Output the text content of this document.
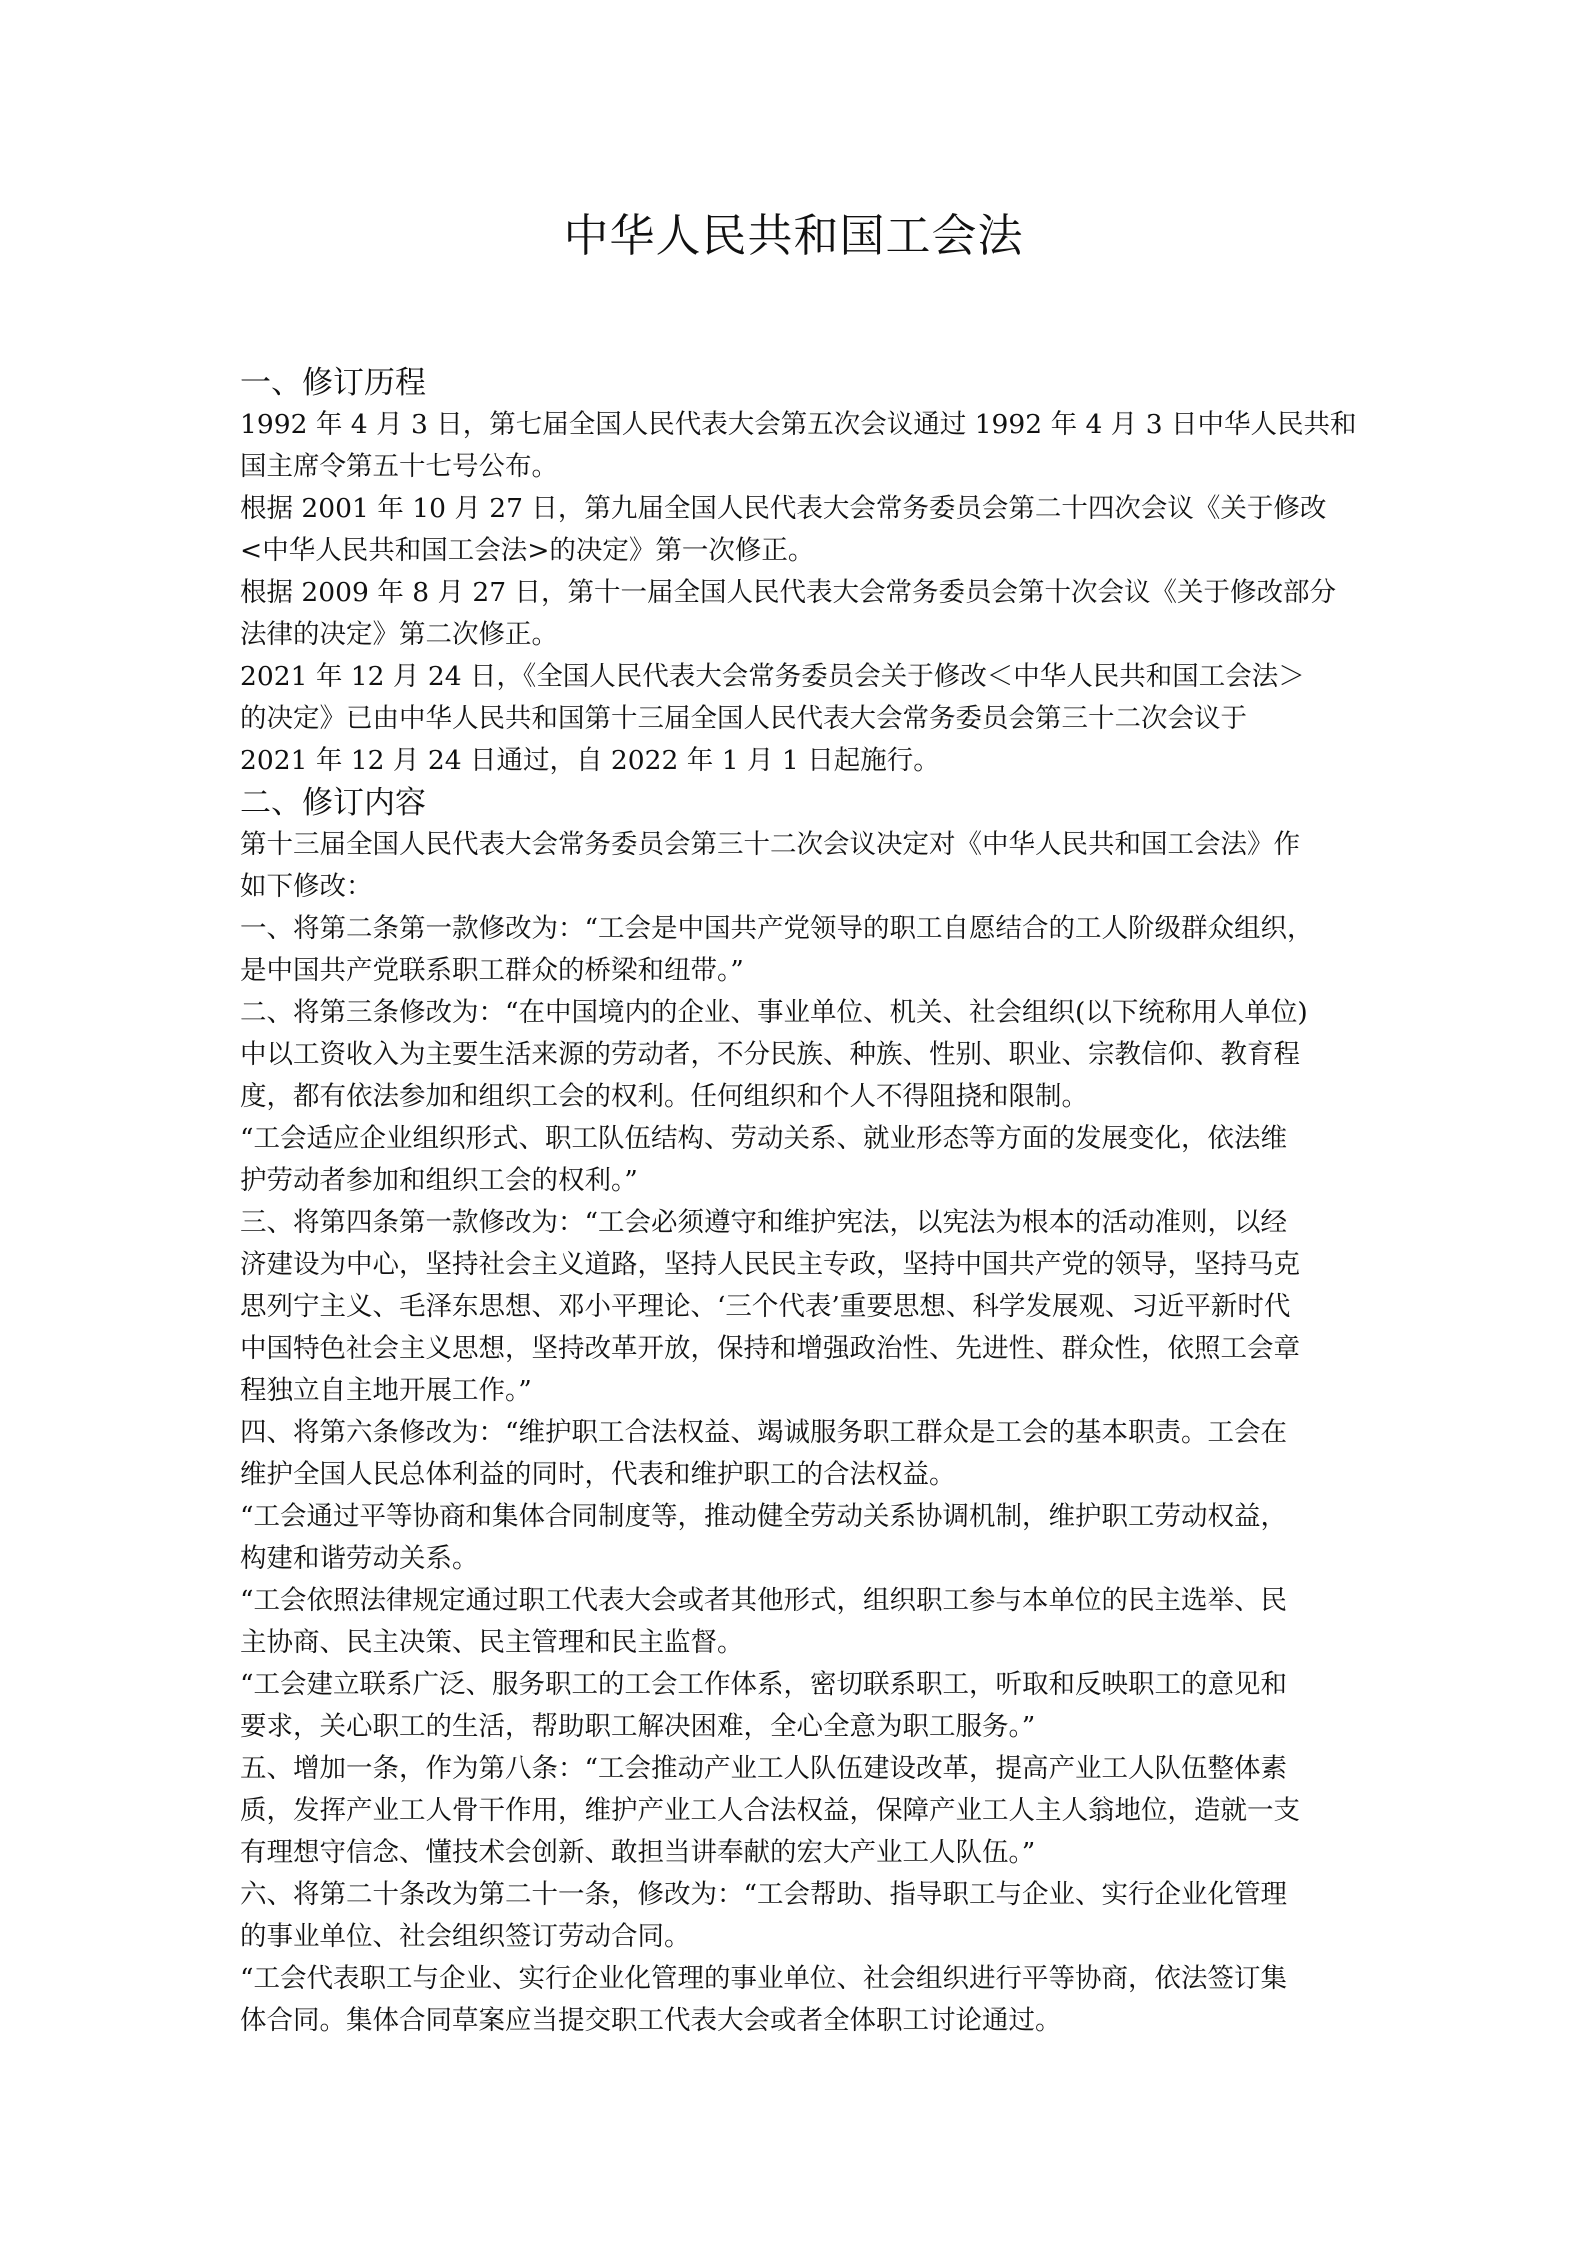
中华人民共和国工会法
一、修订历程

1992 年 4 月 3 日，第七届全国人民代表大会第五次会议通过 1992 年 4 月 3 日中华人民共和
国主席令第五十七号公布。

根据 2001 年 10 月 27 日，第九届全国人民代表大会常务委员会第二十四次会议《关于修改
<中华人民共和国工会法>的决定》第一次修正。

根据 2009 年 8 月 27 日，第十一届全国人民代表大会常务委员会第十次会议《关于修改部分
法律的决定》第二次修正。

2021 年 12 月 24 日，《全国人民代表大会常务委员会关于修改＜中华人民共和国工会法＞
的决定》已由中华人民共和国第十三届全国人民代表大会常务委员会第三十二次会议于
2021 年 12 月 24 日通过，自 2022 年 1 月 1 日起施行。

二、修订内容

第十三届全国人民代表大会常务委员会第三十二次会议决定对《中华人民共和国工会法》作
如下修改：

一、将第二条第一款修改为：“工会是中国共产党领导的职工自愿结合的工人阶级群众组织，
是中国共产党联系职工群众的桥梁和纽带。”

二、将第三条修改为：“在中国境内的企业、事业单位、机关、社会组织(以下统称用人单位)
中以工资收入为主要生活来源的劳动者，不分民族、种族、性别、职业、宗教信仰、教育程
度，都有依法参加和组织工会的权利。任何组织和个人不得阻挠和限制。

“工会适应企业组织形式、职工队伍结构、劳动关系、就业形态等方面的发展变化，依法维
护劳动者参加和组织工会的权利。”

三、将第四条第一款修改为：“工会必须遵守和维护宪法，以宪法为根本的活动准则，以经
济建设为中心，坚持社会主义道路，坚持人民民主专政，坚持中国共产党的领导，坚持马克
思列宁主义、毛泽东思想、邓小平理论、‘三个代表’重要思想、科学发展观、习近平新时代
中国特色社会主义思想，坚持改革开放，保持和增强政治性、先进性、群众性，依照工会章
程独立自主地开展工作。”

四、将第六条修改为：“维护职工合法权益、竭诚服务职工群众是工会的基本职责。工会在
维护全国人民总体利益的同时，代表和维护职工的合法权益。

“工会通过平等协商和集体合同制度等，推动健全劳动关系协调机制，维护职工劳动权益，
构建和谐劳动关系。

“工会依照法律规定通过职工代表大会或者其他形式，组织职工参与本单位的民主选举、民
主协商、民主决策、民主管理和民主监督。

“工会建立联系广泛、服务职工的工会工作体系，密切联系职工，听取和反映职工的意见和
要求，关心职工的生活，帮助职工解决困难，全心全意为职工服务。”

五、增加一条，作为第八条：“工会推动产业工人队伍建设改革，提高产业工人队伍整体素
质，发挥产业工人骨干作用，维护产业工人合法权益，保障产业工人主人翁地位，造就一支
有理想守信念、懂技术会创新、敢担当讲奉献的宏大产业工人队伍。”

六、将第二十条改为第二十一条，修改为：“工会帮助、指导职工与企业、实行企业化管理
的事业单位、社会组织签订劳动合同。

“工会代表职工与企业、实行企业化管理的事业单位、社会组织进行平等协商，依法签订集
体合同。集体合同草案应当提交职工代表大会或者全体职工讨论通过。
